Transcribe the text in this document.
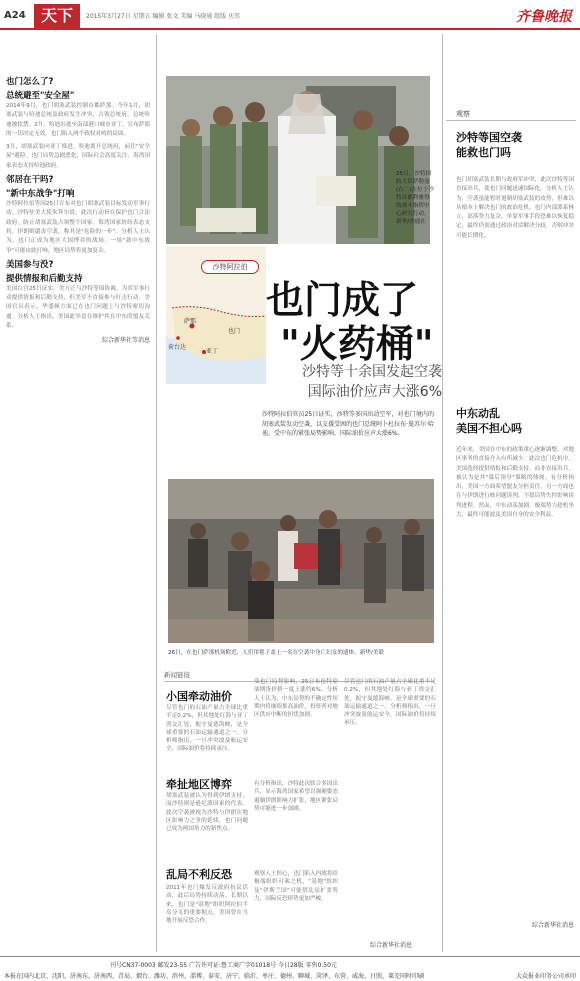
A24 天下	2015年3月27日 星期五 编辑 张文 美编 马晓通 组版 庆男	齐鲁晚报
也门怎么了?
总统避至"安全屋"

2014年9月，也门胡塞武装控制首都萨那。今年1月，胡塞武装与哈迪总统及政府发生冲突，占领总统府，总统哈迪被软禁。2月，哈迪出逃至南部港口城市亚丁，宣布萨那的一切决定无效。也门陷入两个政权对峙的局面。

3月，胡塞武装向亚丁推进，哈迪离开总统府，前往"安全屋"避险。也门局势急剧恶化，国际社会高度关注，海湾国家表态支持哈迪政府。

邻居在干吗?
"新中东战争"打响

沙特阿拉伯等国25日宣布对也门胡塞武装目标发动军事行动。沙特驻美大使朱拜尔说，此次行动旨在保护也门合法政府，防止胡塞武装占领整个国家。海湾国家纷纷表态支持。伊朗则谴责空袭，称其是"危险的一步"。分析人士认为，也门正成为地区大国博弈的战场，一场"新中东战争"可能由此打响，地区局势将更加复杂。

美国参与没?
提供情报和后勤支持

美国白宫25日证实，美方正与沙特等国协调，为其军事行动提供情报和后勤支持，但美军不直接参与打击行动。美国官员表示，华盛顿方面已在也门问题上与沙特密切沟通。分析人士指出，美国此举意在维护其在中东的盟友关系。

综合新华社等消息
25日，沙特国防大臣萨勒曼(右二)在位于沙特首都利雅得的战斗指挥中心研究行动。新华/沙通社
萨那
也门
亚丁
荷台达
沙特阿拉伯
也门成了
"火药桶"
沙特等十余国发起空袭
国际油价应声大涨6%

沙特阿拉伯官员25日证实，沙特等多国出动空军，对也门境内的胡塞武装发动空袭，以支援受困的也门总统阿卜杜拉布·曼苏尔·哈迪。受中东的紧张局势影响，国际油价应声大涨6%。

26日，在也门萨那机场附近，人们用毯子盖上一名在空袭中身亡妇女的遗体。新华/美联
新闻链接
小国牵动油价

尽管也门的石油产量占全球比重不足0.2%，但其地处红海与亚丁湾交汇处，扼守曼德海峡，是全球重要的石油运输通道之一。分析师指出，一旦冲突波及航运安全，国际油价将持续承压。

受也门局势影响，25日布伦特原油期货价格一度上涨约6%。分析人士认为，中东局势的不确定性短期内将继续推高油价，投资者对地区供应中断的担忧加剧。

牵扯地区博弈

胡塞武装被认为得到伊朗支持，而沙特则是逊尼派国家的代表。此次空袭被视为沙特与伊朗在地区影响力之争的延续，也门问题已成为两国角力的新焦点。

有分析指出，沙特此次联合多国出兵，显示海湾国家希望以强硬姿态遏制伊朗影响力扩张，地区紧张局势可能进一步加剧。

乱局不利反恐

2011年也门爆发反政府抗议活动，此后局势持续动荡。长期以来，也门是"基地"组织阿拉伯半岛分支的重要据点，美国曾在当地开展反恐合作。

观察人士担心，也门陷入内战将给极端组织可乘之机，"基地"组织及"伊斯兰国"可能借乱局扩张势力，国际反恐形势更加严峻。

尽管也门的石油产量占全球比重不足0.2%，但其地处红海与亚丁湾交汇处，扼守曼德海峡，是全球重要的石油运输通道之一。分析师指出，一旦冲突波及航运安全，国际油价将持续承压。

综合新华社消息
观察
沙特等国空袭
能救也门吗

也门胡塞武装长期与政府军冲突，此次沙特等国直接出兵，使也门问题迅速国际化。分析人士认为，空袭虽能暂时遏制胡塞武装的攻势，但难以从根本上解决也门的政治危机。也门内部派系林立，部落势力复杂，单靠军事手段恐难以恢复稳定，最终仍需通过政治对话解决分歧，否则冲突可能长期化。

中东动乱
美国不担心吗

近年来，美国在中东的政策重心逐渐调整，对地区事务的直接介入有所减少。此次也门危机中，美国选择提供情报和后勤支持，而非直接出兵，被认为是其"幕后领导"策略的体现。有分析指出，美国一方面希望盟友分担责任，另一方面也在与伊朗进行核问题谈判，不愿局势失控影响谈判进程。然而，中东动荡加剧，极端势力趁机坐大，最终可能波及美国自身的安全利益。

综合新华社消息
刊号CN37-0003 邮发23-55 广告许可证:鲁工商广字01018号 今日28版 零售0.50元
本报在国内北京、沈阳、济南东、济南西、青岛、烟台、潍坊、滨州、淄博、泰安、济宁、临沂、枣庄、德州、聊城、菏泽、东营、威海、日照、莱芜同时印刷	大众报业印务公司承印
